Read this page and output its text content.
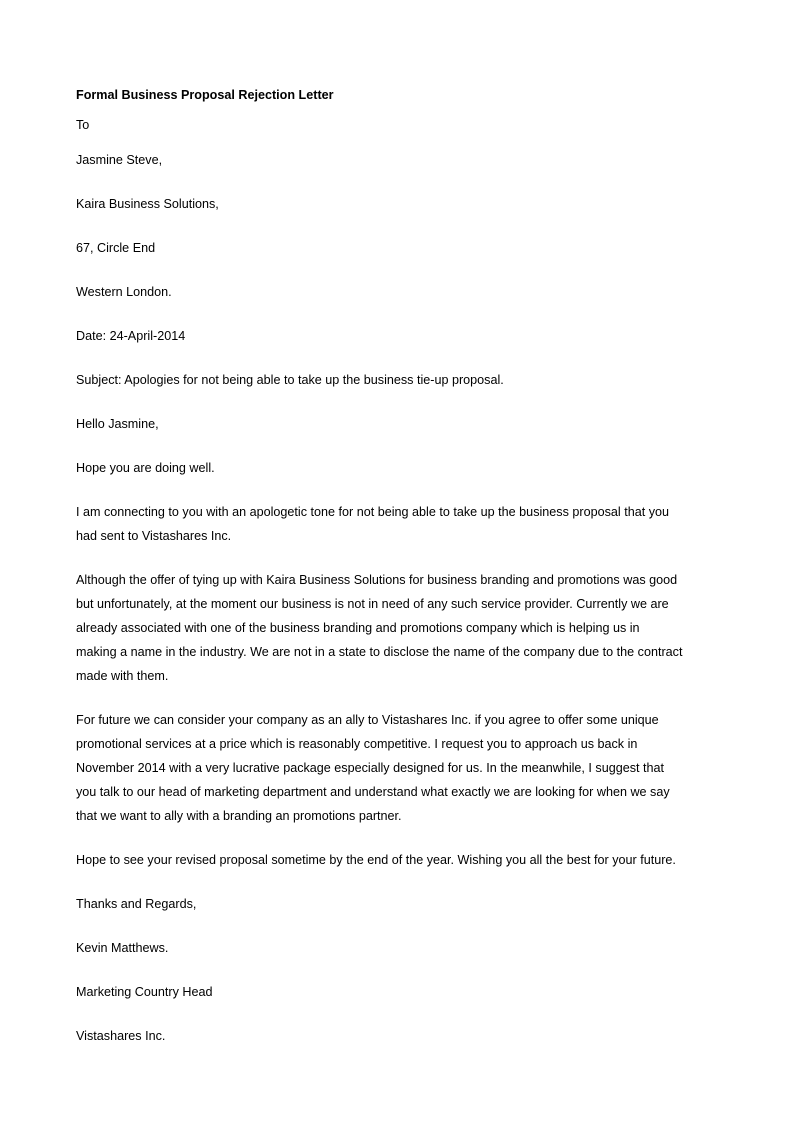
Formal Business Proposal Rejection Letter
To
Jasmine Steve,
Kaira Business Solutions,
67, Circle End
Western London.
Date: 24-April-2014
Subject: Apologies for not being able to take up the business tie-up proposal.
Hello Jasmine,
Hope you are doing well.
I am connecting to you with an apologetic tone for not being able to take up the business proposal that you
had sent to Vistashares Inc.
Although the offer of tying up with Kaira Business Solutions for business branding and promotions was good
but unfortunately, at the moment our business is not in need of any such service provider. Currently we are
already associated with one of the business branding and promotions company which is helping us in
making a name in the industry. We are not in a state to disclose the name of the company due to the contract
made with them.
For future we can consider your company as an ally to Vistashares Inc. if you agree to offer some unique
promotional services at a price which is reasonably competitive. I request you to approach us back in
November 2014 with a very lucrative package especially designed for us. In the meanwhile, I suggest that
you talk to our head of marketing department and understand what exactly we are looking for when we say
that we want to ally with a branding an promotions partner.
Hope to see your revised proposal sometime by the end of the year. Wishing you all the best for your future.
Thanks and Regards,
Kevin Matthews.
Marketing Country Head
Vistashares Inc.
